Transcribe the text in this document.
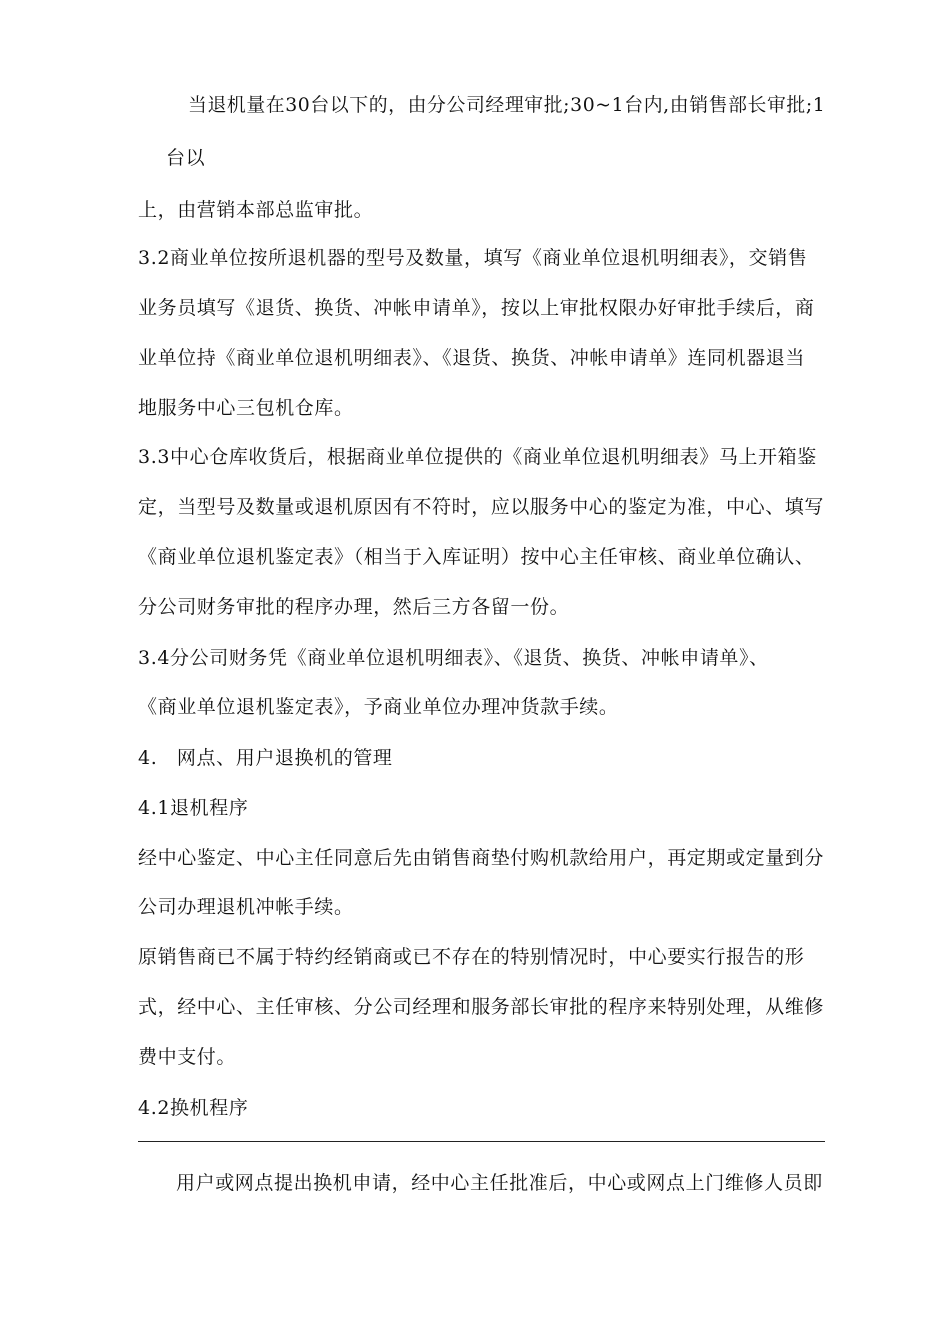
当退机量在30台以下的，由分公司经理审批;30~1台内,由销售部长审批;1
台以
上，由营销本部总监审批。
3.2商业单位按所退机器的型号及数量，填写《商业单位退机明细表》，交销售
业务员填写《退货、换货、冲帐申请单》，按以上审批权限办好审批手续后，商
业单位持《商业单位退机明细表》、《退货、换货、冲帐申请单》连同机器退当
地服务中心三包机仓库。
3.3中心仓库收货后，根据商业单位提供的《商业单位退机明细表》马上开箱鉴
定，当型号及数量或退机原因有不符时，应以服务中心的鉴定为准，中心、填写
《商业单位退机鉴定表》（相当于入库证明）按中心主任审核、商业单位确认、
分公司财务审批的程序办理，然后三方各留一份。
3.4分公司财务凭《商业单位退机明细表》、《退货、换货、冲帐申请单》、
《商业单位退机鉴定表》，予商业单位办理冲货款手续。
4.　网点、用户退换机的管理
4.1退机程序
经中心鉴定、中心主任同意后先由销售商垫付购机款给用户，再定期或定量到分
公司办理退机冲帐手续。
原销售商已不属于特约经销商或已不存在的特别情况时，中心要实行报告的形
式，经中心、主任审核、分公司经理和服务部长审批的程序来特别处理，从维修
费中支付。
4.2换机程序
用户或网点提出换机申请，经中心主任批准后，中心或网点上门维修人员即
